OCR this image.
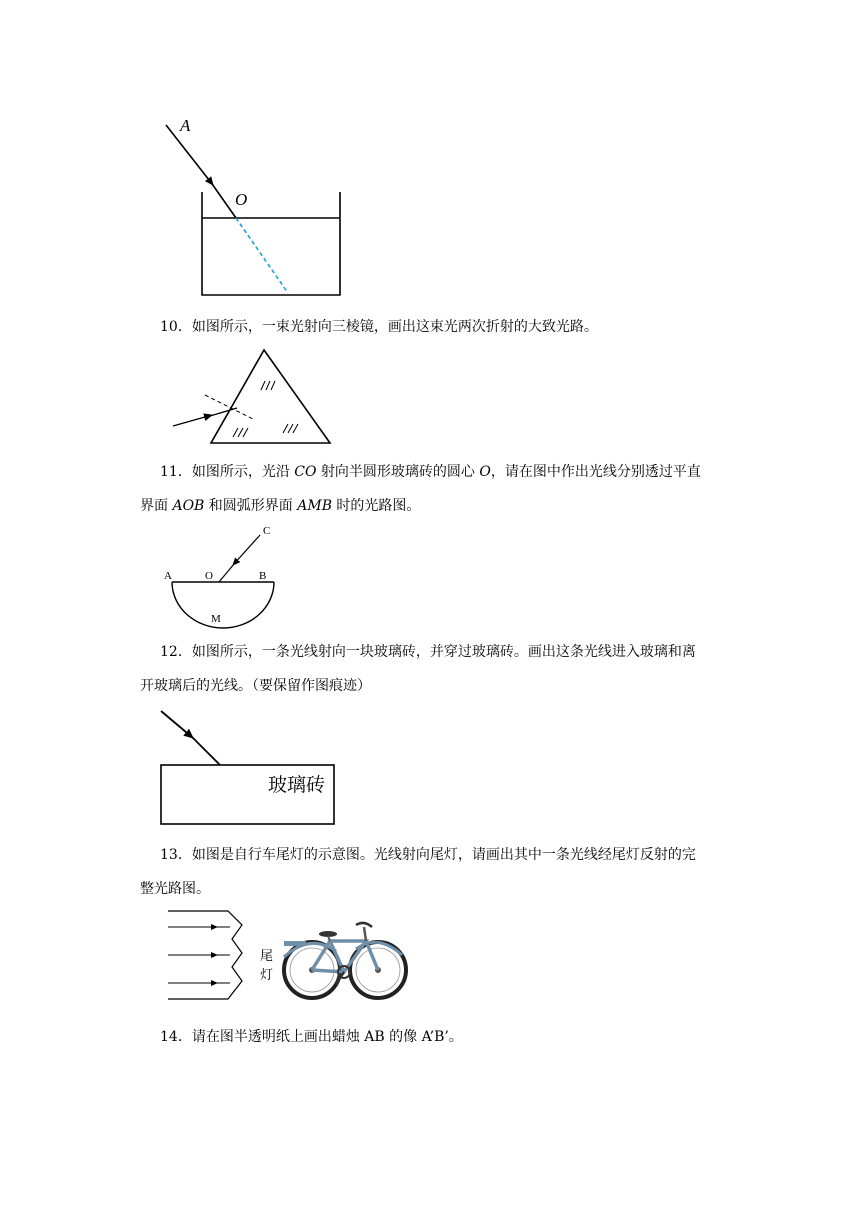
A
O
10．如图所示，一束光射向三棱镜，画出这束光两次折射的大致光路。
11．如图所示，光沿 CO 射向半圆形玻璃砖的圆心 O，请在图中作出光线分别透过平直
界面 AOB 和圆弧形界面 AMB 时的光路图。
C
A	O	B
M
12．如图所示，一条光线射向一块玻璃砖，并穿过玻璃砖。画出这条光线进入玻璃和离
开玻璃后的光线。（要保留作图痕迹）
玻璃砖
13．如图是自行车尾灯的示意图。光线射向尾灯，请画出其中一条光线经尾灯反射的完
整光路图。
尾
灯
14．请在图半透明纸上画出蜡烛 AB 的像 A’B’。
